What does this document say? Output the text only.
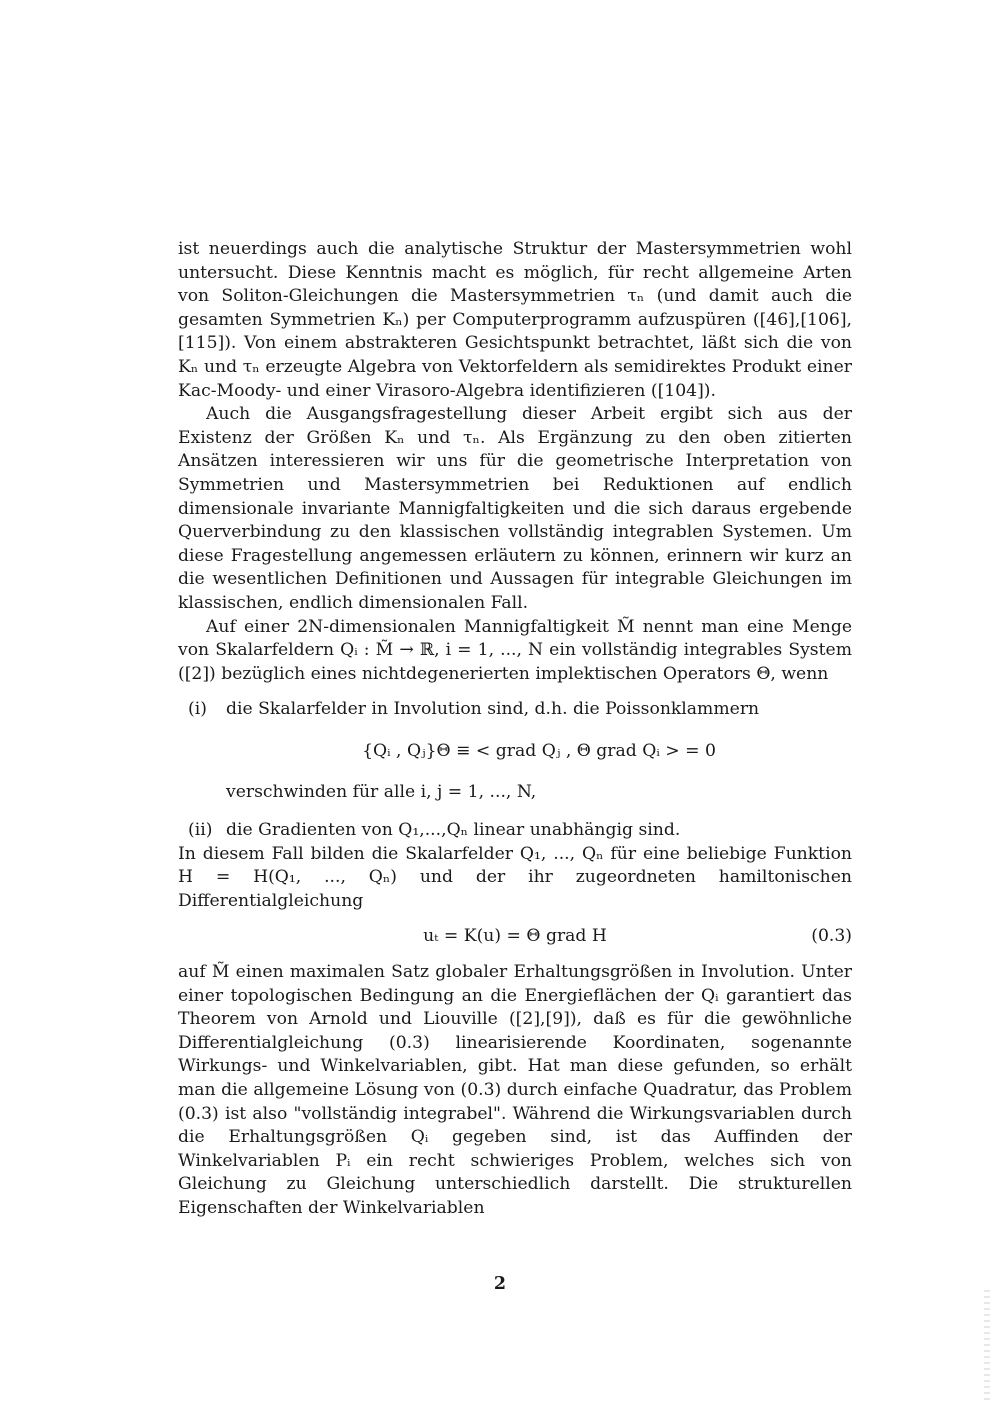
ist neuerdings auch die analytische Struktur der Mastersymmetrien wohl untersucht. Diese Kenntnis macht es möglich, für recht allgemeine Arten von Soliton-Gleichungen die Mastersymmetrien τₙ (und damit auch die gesamten Symmetrien Kₙ) per Computerprogramm aufzuspüren ([46],[106],[115]). Von einem abstrakteren Gesichtspunkt betrachtet, läßt sich die von Kₙ und τₙ erzeugte Algebra von Vektorfeldern als semidirektes Produkt einer Kac-Moody- und einer Virasoro-Algebra identifizieren ([104]).

Auch die Ausgangsfragestellung dieser Arbeit ergibt sich aus der Existenz der Größen Kₙ und τₙ. Als Ergänzung zu den oben zitierten Ansätzen interessieren wir uns für die geometrische Interpretation von Symmetrien und Mastersymmetrien bei Reduktionen auf endlich dimensionale invariante Mannigfaltigkeiten und die sich daraus ergebende Querverbindung zu den klassischen vollständig integrablen Systemen. Um diese Fragestellung angemessen erläutern zu können, erinnern wir kurz an die wesentlichen Definitionen und Aussagen für integrable Gleichungen im klassischen, endlich dimensionalen Fall.

Auf einer 2N-dimensionalen Mannigfaltigkeit M̃ nennt man eine Menge von Skalarfeldern Qᵢ : M̃ → ℝ, i = 1, ..., N ein vollständig integrables System ([2]) bezüglich eines nichtdegenerierten implektischen Operators Θ, wenn

(i) die Skalarfelder in Involution sind, d.h. die Poissonklammern
{Qᵢ , Qⱼ}Θ ≡ < grad Qⱼ , Θ grad Qᵢ > = 0
verschwinden für alle i, j = 1, ..., N,
(ii) die Gradienten von Q₁,...,Qₙ linear unabhängig sind.

In diesem Fall bilden die Skalarfelder Q₁, ..., Qₙ für eine beliebige Funktion H = H(Q₁, ..., Qₙ) und der ihr zugeordneten hamiltonischen Differentialgleichung

uₜ = K(u) = Θ grad H	(0.3)

auf M̃ einen maximalen Satz globaler Erhaltungsgrößen in Involution. Unter einer topologischen Bedingung an die Energieflächen der Qᵢ garantiert das Theorem von Arnold und Liouville ([2],[9]), daß es für die gewöhnliche Differentialgleichung (0.3) linearisierende Koordinaten, sogenannte Wirkungs- und Winkelvariablen, gibt. Hat man diese gefunden, so erhält man die allgemeine Lösung von (0.3) durch einfache Quadratur, das Problem (0.3) ist also "vollständig integrabel". Während die Wirkungsvariablen durch die Erhaltungsgrößen Qᵢ gegeben sind, ist das Auffinden der Winkelvariablen Pᵢ ein recht schwieriges Problem, welches sich von Gleichung zu Gleichung unterschiedlich darstellt. Die strukturellen Eigenschaften der Winkelvariablen

2
